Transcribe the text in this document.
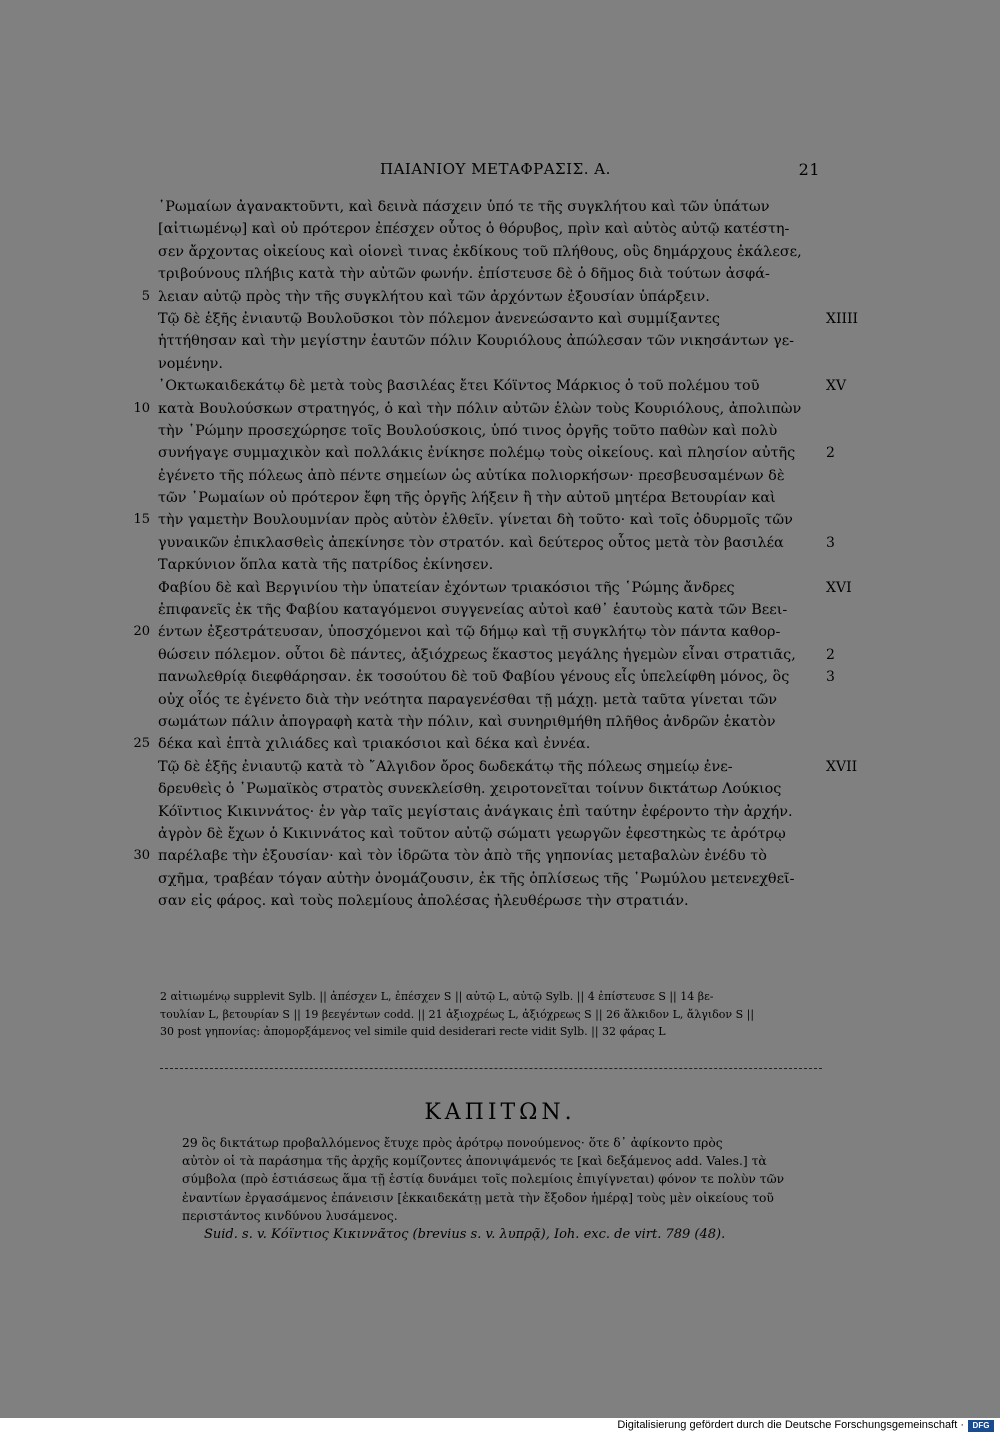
ΠΑΙΑΝΙΟΥ ΜΕΤΑΦΡΑΣΙΣ. Α.	21
῾Ρωμαίων ἀγανακτοῦντι, καὶ δεινὰ πάσχειν ὑπό τε τῆς συγκλήτου καὶ τῶν ὑπάτων
[αἰτιωμένῳ] καὶ οὐ πρότερον ἐπέσχεν οὗτος ὁ θόρυβος, πρὶν καὶ αὐτὸς αὐτῷ κατέστη-
σεν ἄρχοντας οἰκείους καὶ οἱονεὶ τινας ἐκδίκους τοῦ πλήθους, οὓς δημάρχους ἐκάλεσε,
τριβούνους πλήβις κατὰ τὴν αὐτῶν φωνήν. ἐπίστευσε δὲ ὁ δῆμος διὰ τούτων ἀσφά-
5 λειαν αὐτῷ πρὸς τὴν τῆς συγκλήτου καὶ τῶν ἀρχόντων ἐξουσίαν ὑπάρξειν.
Τῷ δὲ ἑξῆς ἐνιαυτῷ Βουλοῦσκοι τὸν πόλεμον ἀνενεώσαντο καὶ συμμίξαντες	XIIII
ἡττήθησαν καὶ τὴν μεγίστην ἑαυτῶν πόλιν Κουριόλους ἀπώλεσαν τῶν νικησάντων γε-
νομένην.
᾿Οκτωκαιδεκάτῳ δὲ μετὰ τοὺς βασιλέας ἔτει Κόϊντος Μάρκιος ὁ τοῦ πολέμου τοῦ	XV
10 κατὰ Βουλούσκων στρατηγός, ὁ καὶ τὴν πόλιν αὐτῶν ἑλὼν τοὺς Κουριόλους, ἀπολιπὼν
τὴν ῾Ρώμην προσεχώρησε τοῖς Βουλούσκοις, ὑπό τινος ὀργῆς τοῦτο παθὼν καὶ πολὺ
συνήγαγε συμμαχικὸν καὶ πολλάκις ἐνίκησε πολέμῳ τοὺς οἰκείους. καὶ πλησίον αὐτῆς 2
ἐγένετο τῆς πόλεως ἀπὸ πέντε σημείων ὡς αὐτίκα πολιορκήσων· πρεσβευσαμένων δὲ
τῶν ῾Ρωμαίων οὐ πρότερον ἔφη τῆς ὀργῆς λήξειν ἢ τὴν αὐτοῦ μητέρα Βετουρίαν καὶ
15 τὴν γαμετὴν Βουλουμνίαν πρὸς αὐτὸν ἐλθεῖν. γίνεται δὴ τοῦτο· καὶ τοῖς ὀδυρμοῖς τῶν
γυναικῶν ἐπικλασθεὶς ἀπεκίνησε τὸν στρατόν. καὶ δεύτερος οὗτος μετὰ τὸν βασιλέα	3
Ταρκύνιον ὅπλα κατὰ τῆς πατρίδος ἐκίνησεν.
Φαβίου δὲ καὶ Βεργινίου τὴν ὑπατείαν ἐχόντων τριακόσιοι τῆς ῾Ρώμης ἄνδρες	XVI
ἐπιφανεῖς ἐκ τῆς Φαβίου καταγόμενοι συγγενείας αὐτοὶ καθ᾿ ἑαυτοὺς κατὰ τῶν Βεει-
20 έντων ἐξεστράτευσαν, ὑποσχόμενοι καὶ τῷ δήμῳ καὶ τῇ συγκλήτῳ τὸν πάντα καθορ-
θώσειν πόλεμον. οὗτοι δὲ πάντες, ἀξιόχρεως ἕκαστος μεγάλης ἡγεμὼν εἶναι στρατιᾶς, 2
πανωλεθρίᾳ διεφθάρησαν. ἐκ τοσούτου δὲ τοῦ Φαβίου γένους εἷς ὑπελείφθη μόνος, ὃς	3
οὐχ οἷός τε ἐγένετο διὰ τὴν νεότητα παραγενέσθαι τῇ μάχῃ. μετὰ ταῦτα γίνεται τῶν
σωμάτων πάλιν ἀπογραφὴ κατὰ τὴν πόλιν, καὶ συνηριθμήθη πλῆθος ἀνδρῶν ἑκατὸν
25 δέκα καὶ ἑπτὰ χιλιάδες καὶ τριακόσιοι καὶ δέκα καὶ ἐννέα.
Τῷ δὲ ἑξῆς ἐνιαυτῷ κατὰ τὸ ῎Αλγιδον ὄρος δωδεκάτῳ τῆς πόλεως σημείῳ ἐνε-	XVII
δρευθεὶς ὁ ῾Ρωμαϊκὸς στρατὸς συνεκλείσθη. χειροτονεῖται τοίνυν δικτάτωρ Λούκιος
Κόϊντιος Κικιννάτος· ἐν γὰρ ταῖς μεγίσταις ἀνάγκαις ἐπὶ ταύτην ἐφέροντο τὴν ἀρχήν.
ἀγρὸν δὲ ἔχων ὁ Κικιννάτος καὶ τοῦτον αὐτῷ σώματι γεωργῶν ἐφεστηκὼς τε ἀρότρῳ
30 παρέλαβε τὴν ἐξουσίαν· καὶ τὸν ἱδρῶτα τὸν ἀπὸ τῆς γηπονίας μεταβαλὼν ἐνέδυ τὸ
σχῆμα, τραβέαν τόγαν αὐτὴν ὀνομάζουσιν, ἐκ τῆς ὁπλίσεως τῆς ῾Ρωμύλου μετενεχθεῖ-
σαν εἰς φάρος. καὶ τοὺς πολεμίους ἀπολέσας ἠλευθέρωσε τὴν στρατιάν.
2 αἰτιωμένῳ supplevit Sylb. || ἀπέσχεν L, ἐπέσχεν S || αὐτῷ L, αὐτῷ Sylb. || 4 ἐπίστευσε S || 14 βε-
τουλίαν L, βετουρίαν S || 19 βεεγέντων codd. || 21 ἀξιοχρέως L, ἀξιόχρεως S || 26 ἄλκιδον L, ἄλγιδον S ||
30 post γηπονίας: ἀπομορξάμενος vel simile quid desiderari recte vidit Sylb. || 32 φάρας L
ΚΑΠΙΤΩΝ.
29 ὃς δικτάτωρ προβαλλόμενος ἔτυχε πρὸς ἀρότρῳ πονούμενος· ὅτε δ᾿ ἀφίκοντο πρὸς
αὐτὸν οἱ τὰ παράσημα τῆς ἀρχῆς κομίζοντες ἀπονιψάμενός τε [καὶ δεξάμενος add. Vales.] τὰ
σύμβολα (πρὸ ἑστιάσεως ἅμα τῇ ἑστίᾳ δυνάμει τοῖς πολεμίοις ἐπιγίγνεται) φόνον τε πολὺν τῶν
ἐναντίων ἐργασάμενος ἐπάνεισιν [ἑκκαιδεκάτῃ μετὰ τὴν ἔξοδον ἡμέρᾳ] τοὺς μὲν οἰκείους τοῦ
περιστάντος κινδύνου λυσάμενος.
Suid. s. v. Κόϊντιος Κικιννᾶτος (brevius s. v. λυπρᾷ), Ioh. exc. de virt. 789 (48).
Digitalisierung gefördert durch die Deutsche Forschungsgemeinschaft ·	DFG
